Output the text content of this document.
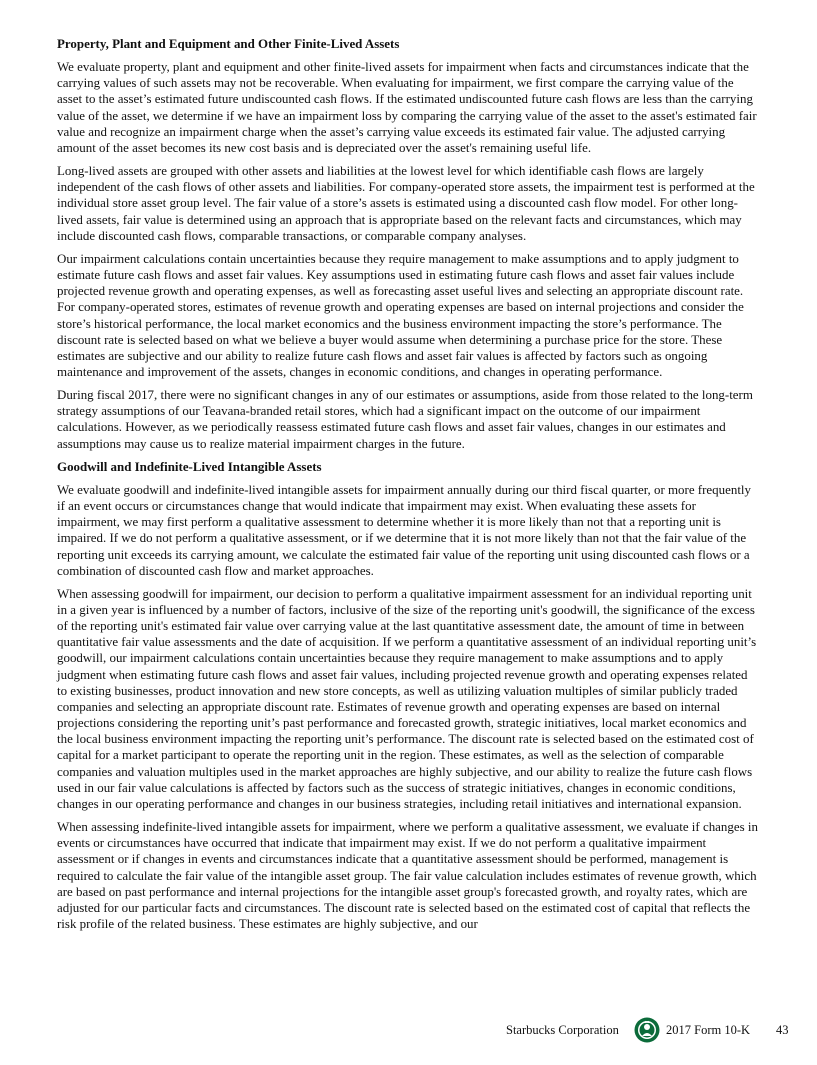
Property, Plant and Equipment and Other Finite-Lived Assets
We evaluate property, plant and equipment and other finite-lived assets for impairment when facts and circumstances indicate that the carrying values of such assets may not be recoverable. When evaluating for impairment, we first compare the carrying value of the asset to the asset’s estimated future undiscounted cash flows. If the estimated undiscounted future cash flows are less than the carrying value of the asset, we determine if we have an impairment loss by comparing the carrying value of the asset to the asset's estimated fair value and recognize an impairment charge when the asset’s carrying value exceeds its estimated fair value. The adjusted carrying amount of the asset becomes its new cost basis and is depreciated over the asset's remaining useful life.
Long-lived assets are grouped with other assets and liabilities at the lowest level for which identifiable cash flows are largely independent of the cash flows of other assets and liabilities. For company-operated store assets, the impairment test is performed at the individual store asset group level. The fair value of a store’s assets is estimated using a discounted cash flow model. For other long-lived assets, fair value is determined using an approach that is appropriate based on the relevant facts and circumstances, which may include discounted cash flows, comparable transactions, or comparable company analyses.
Our impairment calculations contain uncertainties because they require management to make assumptions and to apply judgment to estimate future cash flows and asset fair values. Key assumptions used in estimating future cash flows and asset fair values include projected revenue growth and operating expenses, as well as forecasting asset useful lives and selecting an appropriate discount rate. For company-operated stores, estimates of revenue growth and operating expenses are based on internal projections and consider the store’s historical performance, the local market economics and the business environment impacting the store’s performance. The discount rate is selected based on what we believe a buyer would assume when determining a purchase price for the store. These estimates are subjective and our ability to realize future cash flows and asset fair values is affected by factors such as ongoing maintenance and improvement of the assets, changes in economic conditions, and changes in operating performance.
During fiscal 2017, there were no significant changes in any of our estimates or assumptions, aside from those related to the long-term strategy assumptions of our Teavana-branded retail stores, which had a significant impact on the outcome of our impairment calculations. However, as we periodically reassess estimated future cash flows and asset fair values, changes in our estimates and assumptions may cause us to realize material impairment charges in the future.
Goodwill and Indefinite-Lived Intangible Assets
We evaluate goodwill and indefinite-lived intangible assets for impairment annually during our third fiscal quarter, or more frequently if an event occurs or circumstances change that would indicate that impairment may exist. When evaluating these assets for impairment, we may first perform a qualitative assessment to determine whether it is more likely than not that a reporting unit is impaired. If we do not perform a qualitative assessment, or if we determine that it is not more likely than not that the fair value of the reporting unit exceeds its carrying amount, we calculate the estimated fair value of the reporting unit using discounted cash flows or a combination of discounted cash flow and market approaches.
When assessing goodwill for impairment, our decision to perform a qualitative impairment assessment for an individual reporting unit in a given year is influenced by a number of factors, inclusive of the size of the reporting unit's goodwill, the significance of the excess of the reporting unit's estimated fair value over carrying value at the last quantitative assessment date, the amount of time in between quantitative fair value assessments and the date of acquisition. If we perform a quantitative assessment of an individual reporting unit’s goodwill, our impairment calculations contain uncertainties because they require management to make assumptions and to apply judgment when estimating future cash flows and asset fair values, including projected revenue growth and operating expenses related to existing businesses, product innovation and new store concepts, as well as utilizing valuation multiples of similar publicly traded companies and selecting an appropriate discount rate. Estimates of revenue growth and operating expenses are based on internal projections considering the reporting unit’s past performance and forecasted growth, strategic initiatives, local market economics and the local business environment impacting the reporting unit’s performance. The discount rate is selected based on the estimated cost of capital for a market participant to operate the reporting unit in the region. These estimates, as well as the selection of comparable companies and valuation multiples used in the market approaches are highly subjective, and our ability to realize the future cash flows used in our fair value calculations is affected by factors such as the success of strategic initiatives, changes in economic conditions, changes in our operating performance and changes in our business strategies, including retail initiatives and international expansion.
When assessing indefinite-lived intangible assets for impairment, where we perform a qualitative assessment, we evaluate if changes in events or circumstances have occurred that indicate that impairment may exist. If we do not perform a qualitative impairment assessment or if changes in events and circumstances indicate that a quantitative assessment should be performed, management is required to calculate the fair value of the intangible asset group. The fair value calculation includes estimates of revenue growth, which are based on past performance and internal projections for the intangible asset group's forecasted growth, and royalty rates, which are adjusted for our particular facts and circumstances. The discount rate is selected based on the estimated cost of capital that reflects the risk profile of the related business. These estimates are highly subjective, and our
Starbucks Corporation	2017 Form 10-K 43
